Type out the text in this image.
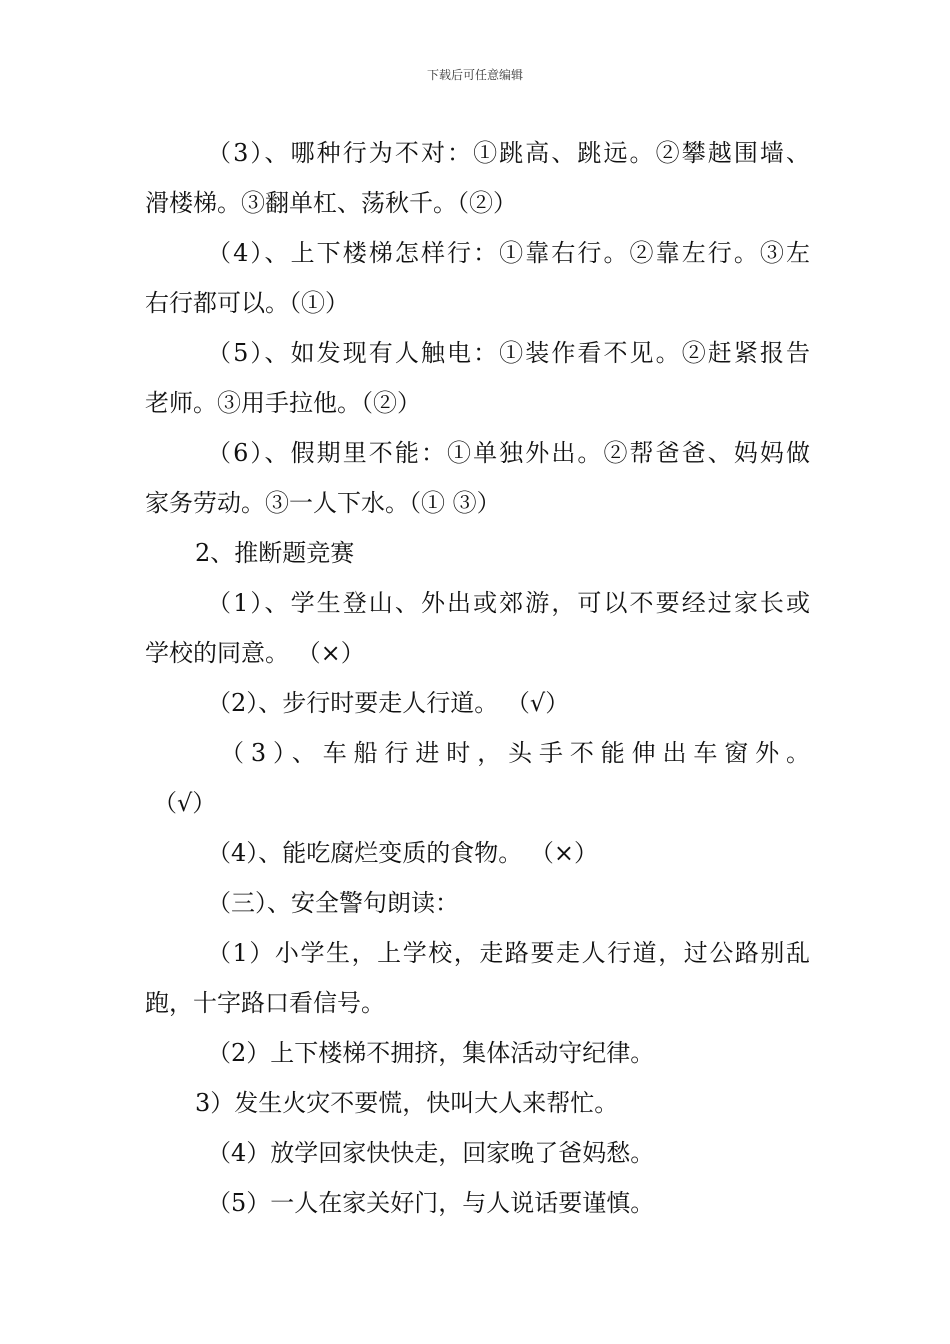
下载后可任意编辑
（3）、哪种行为不对：①跳高、跳远。②攀越围墙、
滑楼梯。③翻单杠、荡秋千。（②）
（4）、上下楼梯怎样行：①靠右行。②靠左行。③左
右行都可以。（①）
（5）、如发现有人触电：①装作看不见。②赶紧报告
老师。③用手拉他。（②）
（6）、假期里不能：①单独外出。②帮爸爸、妈妈做
家务劳动。③一人下水。（① ③）
2、推断题竞赛
（1）、学生登山、外出或郊游，可以不要经过家长或
学校的同意。 （×）
（2）、步行时要走人行道。 （√）
（3）、车船行进时，头手不能伸出车窗外。
（√）
（4）、能吃腐烂变质的食物。 （×）
（三）、安全警句朗读：
（1）小学生，上学校，走路要走人行道，过公路别乱
跑，十字路口看信号。
（2）上下楼梯不拥挤，集体活动守纪律。
3）发生火灾不要慌，快叫大人来帮忙。
（4）放学回家快快走，回家晚了爸妈愁。
（5）一人在家关好门，与人说话要谨慎。
